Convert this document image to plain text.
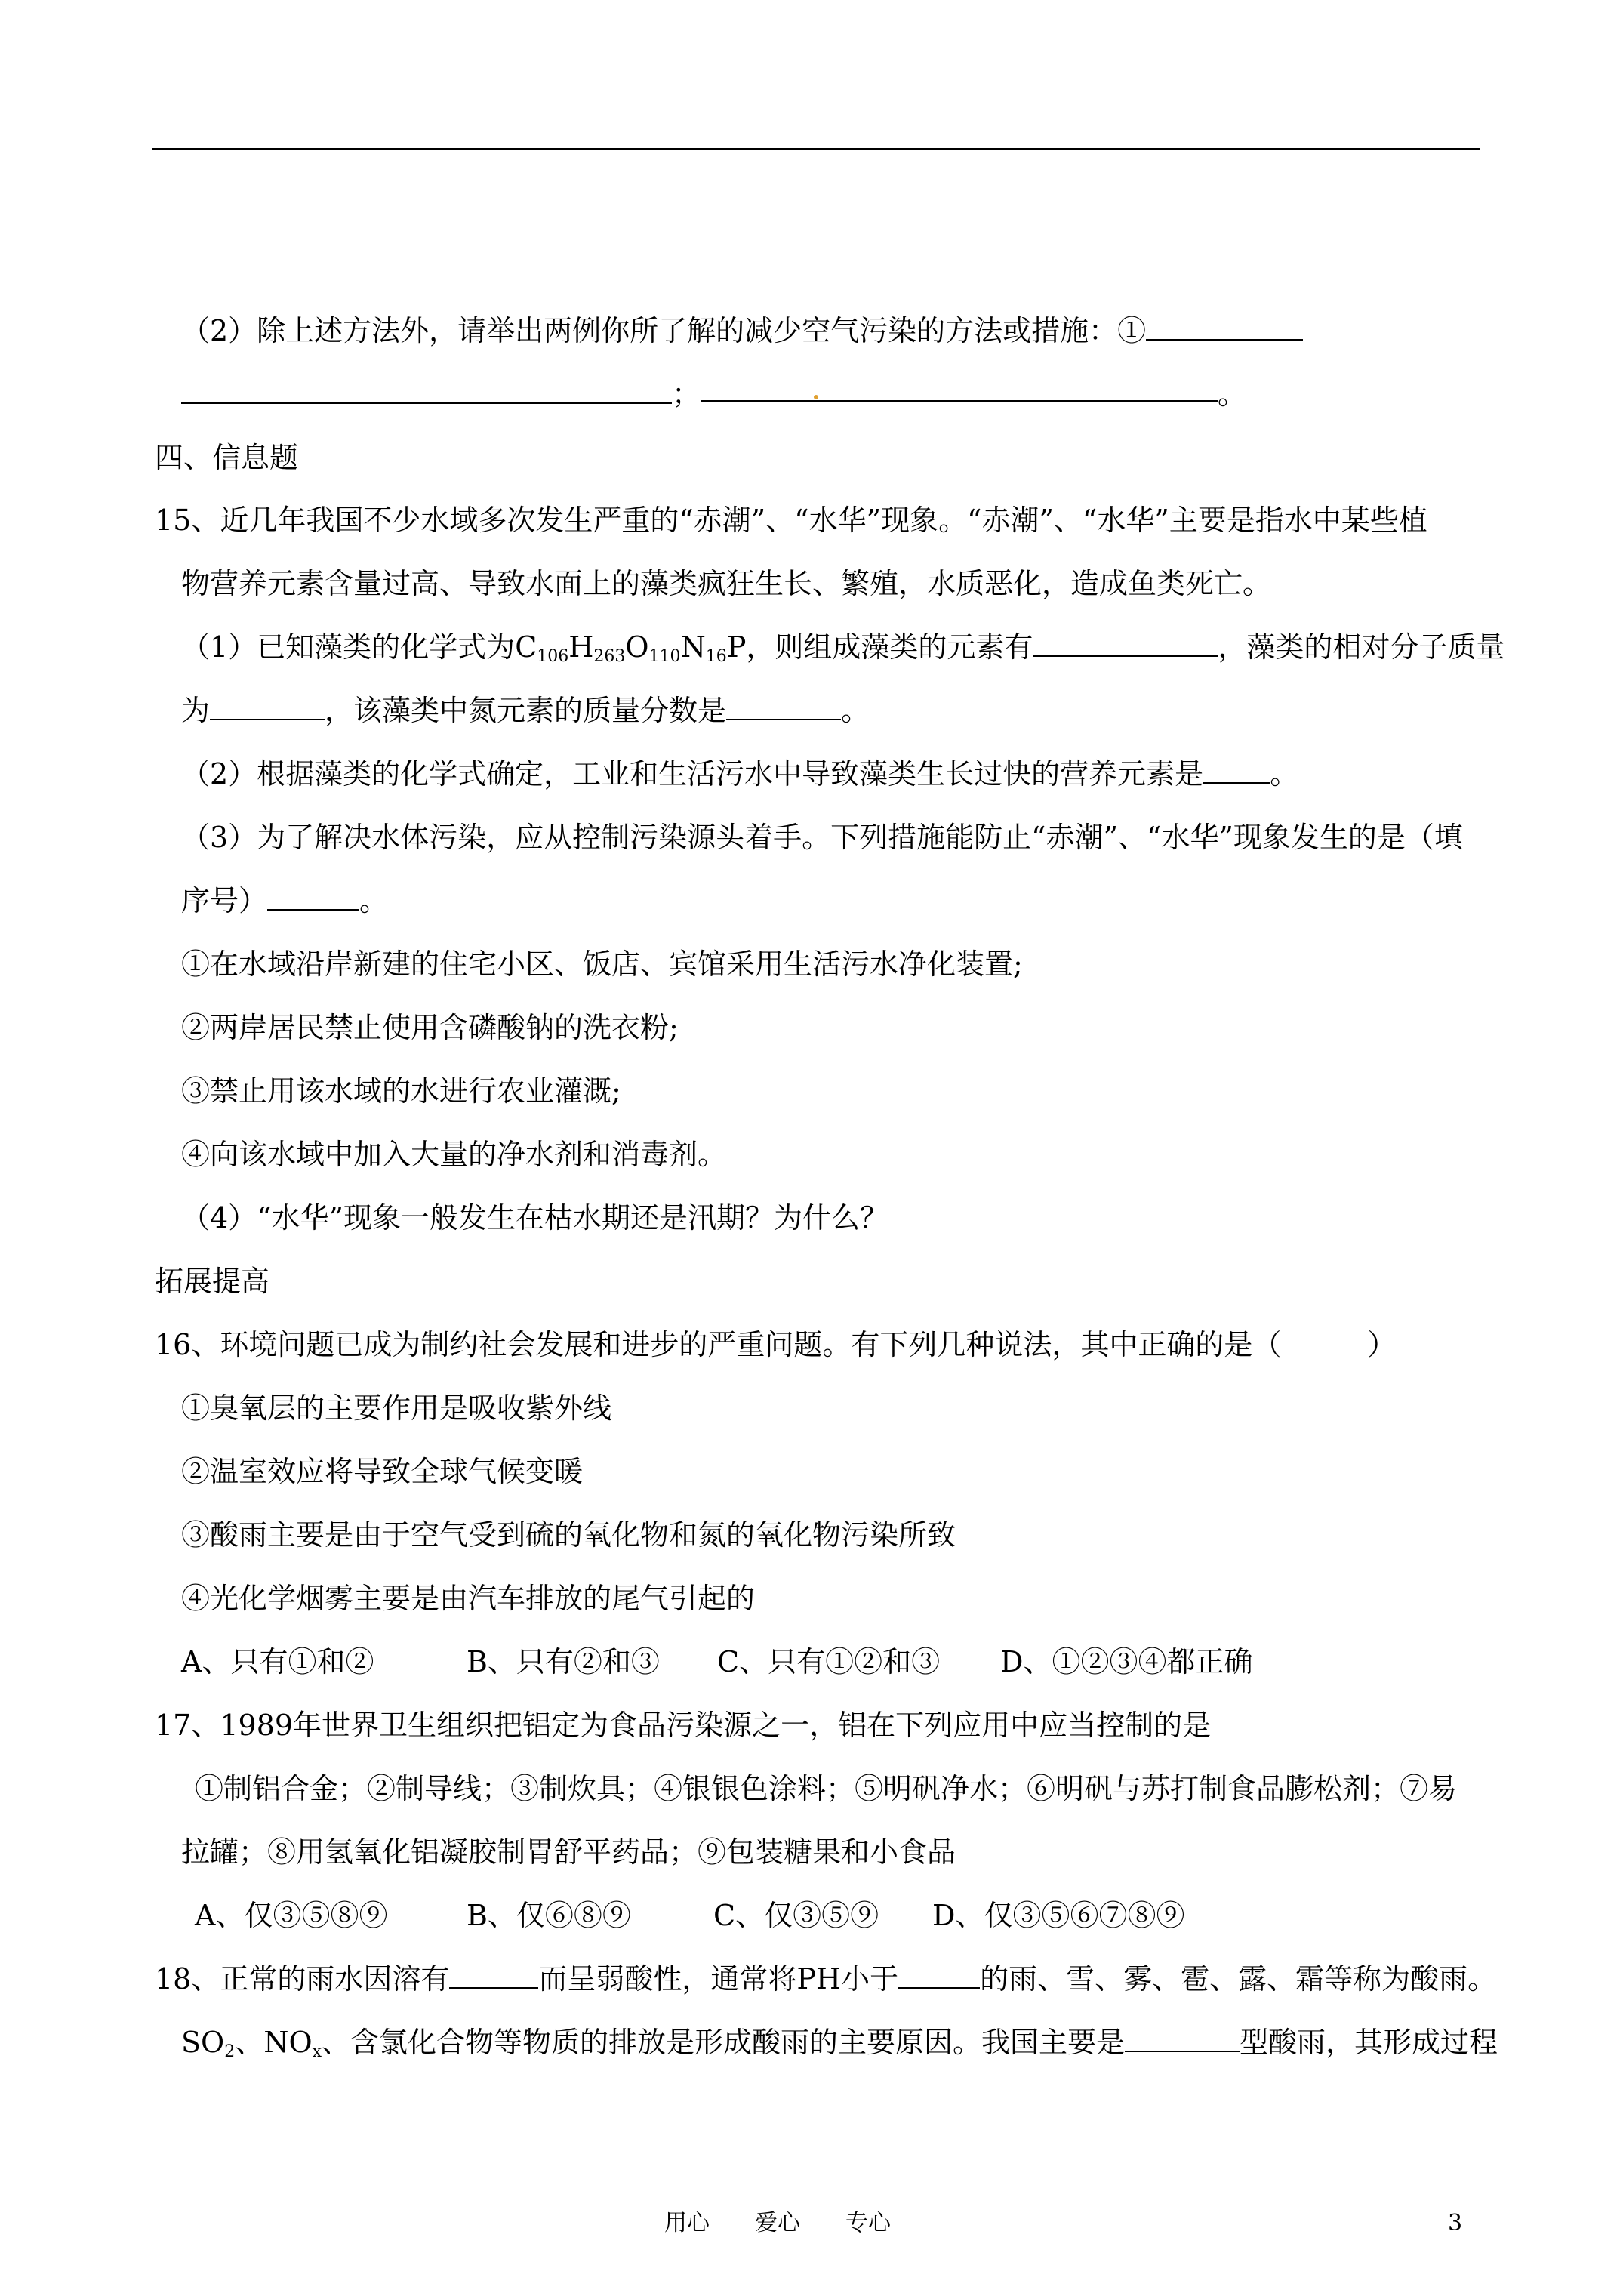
（2）除上述方法外，请举出两例你所了解的减少空气污染的方法或措施：①
；	。
四、信息题
15、近几年我国不少水域多次发生严重的“赤潮”、“水华”现象。“赤潮”、“水华”主要是指水中某些植
物营养元素含量过高、导致水面上的藻类疯狂生长、繁殖，水质恶化，造成鱼类死亡。
（1）已知藻类的化学式为$C_{106}H_{263}O_{110}N_{16}P$，则组成藻类的元素有	，藻类的相对分子质量
为	，该藻类中氮元素的质量分数是	。
（2）根据藻类的化学式确定，工业和生活污水中导致藻类生长过快的营养元素是 。
（3）为了解决水体污染，应从控制污染源头着手。下列措施能防止“赤潮”、“水华”现象发生的是（填
序号）	。
①在水域沿岸新建的住宅小区、饭店、宾馆采用生活污水净化装置;
②两岸居民禁止使用含磷酸钠的洗衣粉;
③禁止用该水域的水进行农业灌溉;
④向该水域中加入大量的净水剂和消毒剂。
（4）“水华”现象一般发生在枯水期还是汛期？为什么？
拓展提高
16、环境问题已成为制约社会发展和进步的严重问题。有下列几种说法，其中正确的是（　　　）
①臭氧层的主要作用是吸收紫外线
②温室效应将导致全球气候变暖
③酸雨主要是由于空气受到硫的氧化物和氮的氧化物污染所致
④光化学烟雾主要是由汽车排放的尾气引起的
A、只有①和②	B、只有②和③ C、只有①②和③ D、①②③④都正确
17、1989年世界卫生组织把铝定为食品污染源之一，铝在下列应用中应当控制的是
①制铝合金；②制导线；③制炊具；④银银色涂料；⑤明矾净水；⑥明矾与苏打制食品膨松剂；⑦易
拉罐；⑧用氢氧化铝凝胶制胃舒平药品；⑨包装糖果和小食品
A、仅③⑤⑧⑨	B、仅⑥⑧⑨	C、仅③⑤⑨ D、仅③⑤⑥⑦⑧⑨
18、正常的雨水因溶有	而呈弱酸性，通常将PH小于	的雨、雪、雾、雹、露、霜等称为酸雨。
$SO_2$、$NO_x$、含氯化合物等物质的排放是形成酸雨的主要原因。我国主要是	型酸雨，其形成过程
用心　　爱心　　专心	3
